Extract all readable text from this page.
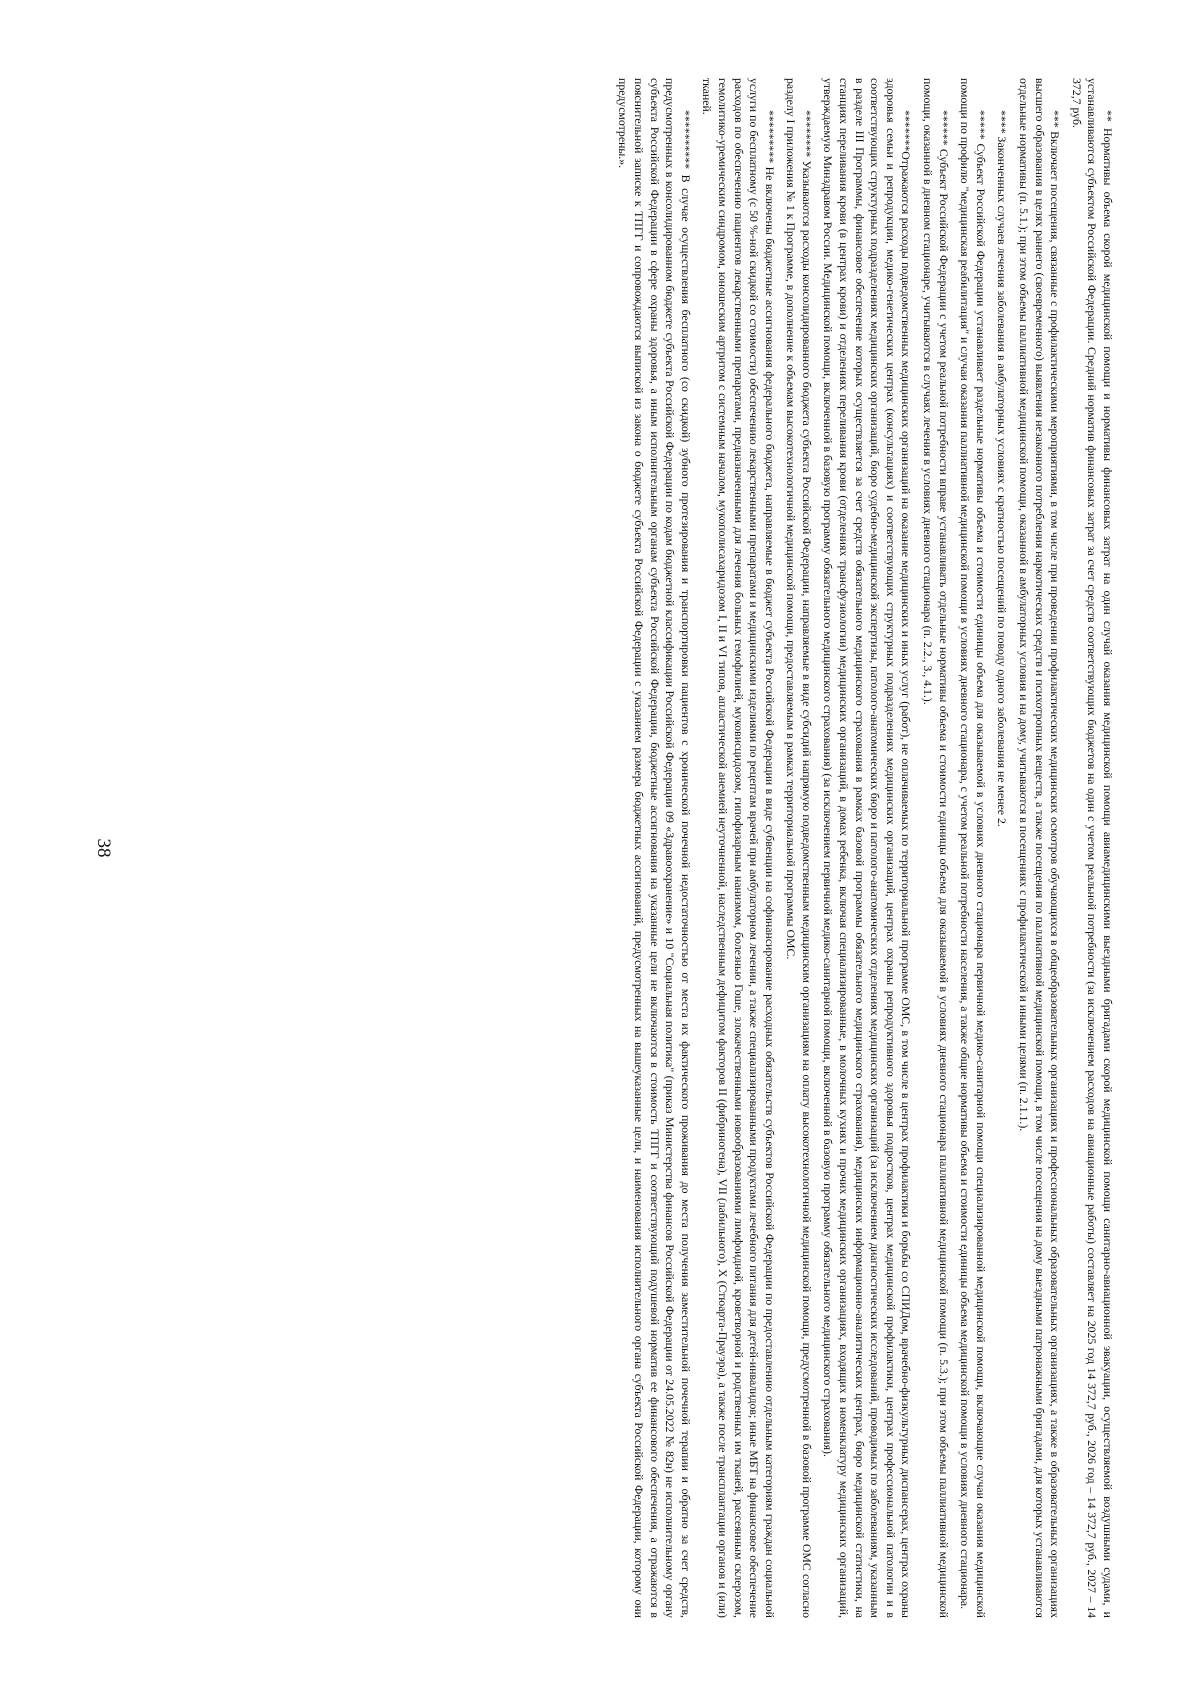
38	** Нормативы объема скорой медицинской помощи и нормативы финансовых затрат на один случай оказания медицинской помощи авиамедицинскими выездными бригадами скорой медицинской помощи санитарно-авиационной эвакуации, осуществляемой воздушными судами, и устанавливаются субъектом Российской Федерации. Средний норматив финансовых затрат за счет средств соответствующих бюджетов на один с учетом реальной потребности (за исключением расходов на авиационные работы) составляет на 2025 год 14 372,7 руб., 2026 год – 14 372,7 руб., 2027 – 14 372,7 руб.

*** Включает посещения, связанные с профилактическими мероприятиями, в том числе при проведении профилактических медицинских осмотров обучающихся в общеобразовательных организациях и профессиональных образовательных организациях, а также в образовательных организациях высшего образования в целях раннего (своевременного) выявления незаконного потребления наркотических средств и психотропных веществ, а также посещения по паллиативной медицинской помощи, в том числе посещения на дому выездными патронажными бригадами, для которых устанавливаются отдельные нормативы (п. 5.1.); при этом объемы паллиативной медицинской помощи, оказанной в амбулаторных условия и на дому, учитываются в посещениях с профилактической и иными целями (п. 2.1.1.).

**** Законченных случаев лечения заболевания в амбулаторных условиях с кратностью посещений по поводу одного заболевания не менее 2.

***** Субъект Российской Федерации устанавливает раздельные нормативы объема и стоимости единицы объема для оказываемой в условиях дневного стационара первичной медико-санитарной помощи специализированной медицинской помощи, включающие случаи оказания медицинской помощи по профилю "медицинская реабилитация" и случаи оказания паллиативной медицинской помощи в условиях дневного стационара, с учетом реальной потребности населения, а также общие нормативы объема и стоимости единицы объема медицинской помощи в условиях дневного стационара.

****** Субъект Российской Федерации с учетом реальной потребности вправе устанавливать отдельные нормативы объема и стоимости единицы объема для оказываемой в условиях дневного стационара паллиативной медицинской помощи (п. 5.3.); при этом объемы паллиативной медицинской помощи, оказанной в дневном стационаре, учитываются в случаях лечения в условиях дневного стационара (п. 2.2., 3., 4.1.).

*******Отражаются расходы подведомственных медицинских организаций на оказание медицинских и иных услуг (работ), не оплачиваемых по территориальной программе ОМС, в том числе в центрах профилактики и борьбы со СПИДом, врачебно-физкультурных диспансерах, центрах охраны здоровья семьи и репродукции, медико-генетических центрах (консультациях) и соответствующих структурных подразделениях медицинских организаций, центрах охраны репродуктивного здоровья подростков, центрах медицинской профилактики, центрах профессиональной патологии и в соответствующих структурных подразделениях медицинских организаций, бюро судебно-медицинской экспертизы, патолого-анатомических бюро и патолого-анатомических отделениях медицинских организаций (за исключением диагностических исследований, проводимых по заболеваниям, указанным в разделе III Программы, финансовое обеспечение которых осуществляется за счет средств обязательного медицинского страхования в рамках базовой программы обязательного медицинского страхования), медицинских информационно-аналитических центрах, бюро медицинской статистики, на станциях переливания крови (в центрах крови) и отделениях переливания крови (отделениях трансфузиологии) медицинских организаций, в домах ребенка, включая специализированные, в молочных кухнях и прочих медицинских организациях, входящих в номенклатуру медицинских организаций, утверждаемую Минздравом России. Медицинской помощи, включенной в базовую программу обязательного медицинского страхования) (за исключением первичной медико-санитарной помощи, включенной в базовую программу обязательного медицинского страхования).

******** Указываются расходы консолидированного бюджета субъекта Российской Федерации, направляемые в виде субсидий напрямую подведомственным медицинским организациям на оплату высокотехнологичной медицинской помощи, предусмотренной в базовой программе ОМС согласно разделу I приложения № 1 к Программе, в дополнение к объемам высокотехнологичной медицинской помощи, предоставляемым в рамках территориальной программы ОМС.

********* Не включены бюджетные ассигнования федерального бюджета, направляемые в бюджет субъекта Российской Федерации в виде субвенции на софинансирование расходных обязательств субъектов Российской Федерации по предоставлению отдельным категориям граждан социальной услуги по бесплатному (с 50 %-ной скидкой со стоимости) обеспечению лекарственными препаратами и медицинскими изделиями по рецептам врачей при амбулаторном лечении, а также специализированными продуктами лечебного питания для детей-инвалидов; иные МБТ на финансовое обеспечение расходов по обеспечению пациентов лекарственными препаратами, предназначенными для лечения больных гемофилией, муковисцидозом, гипофизарным нанизмом, болезнью Гоше, злокачественными новообразованиями лимфоидной, кроветворной и родственных им тканей, рассеянным склерозом, гемолитико-уремическим синдромом, юношеским артритом с системным началом, мукополисахаридозом I, II и VI типов, апластической анемией неуточненной, наследственным дефицитом факторов II (фибриногена), VII (лабильного), X (Стюарта-Прауэра), а также после трансплантации органов и (или) тканей.

********** В случае осуществления бесплатного (со скидкой) зубного протезирования и транспортировки пациентов с хронической почечной недостаточностью от места их фактического проживания до места получения заместительной почечной терапии и обратно за счет средств, предусмотренных в консолидированном бюджете субъекта Российской Федерации по кодам бюджетной классификации Российской Федерации 09 «Здравоохранение» и 10 "Социальная политика" (приказ Министерства финансов Российской Федерации от 24.05.2022 № 82н) не исполнительному органу субъекта Российской Федерации в сфере охраны здоровья, а иным исполнительным органам субъекта Российской Федерации, бюджетные ассигнования на указанные цели не включаются в стоимость ТПГГ и соответствующий подушевой норматив ее финансового обеспечения, а отражаются в пояснительной записке к ТПГГ и сопровождаются выпиской из закона о бюджете субъекта Российской Федерации с указанием размера бюджетных ассигнований, предусмотренных на вышеуказанные цели, и наименования исполнительного органа субъекта Российской Федерации, которому они предусмотрены.».
